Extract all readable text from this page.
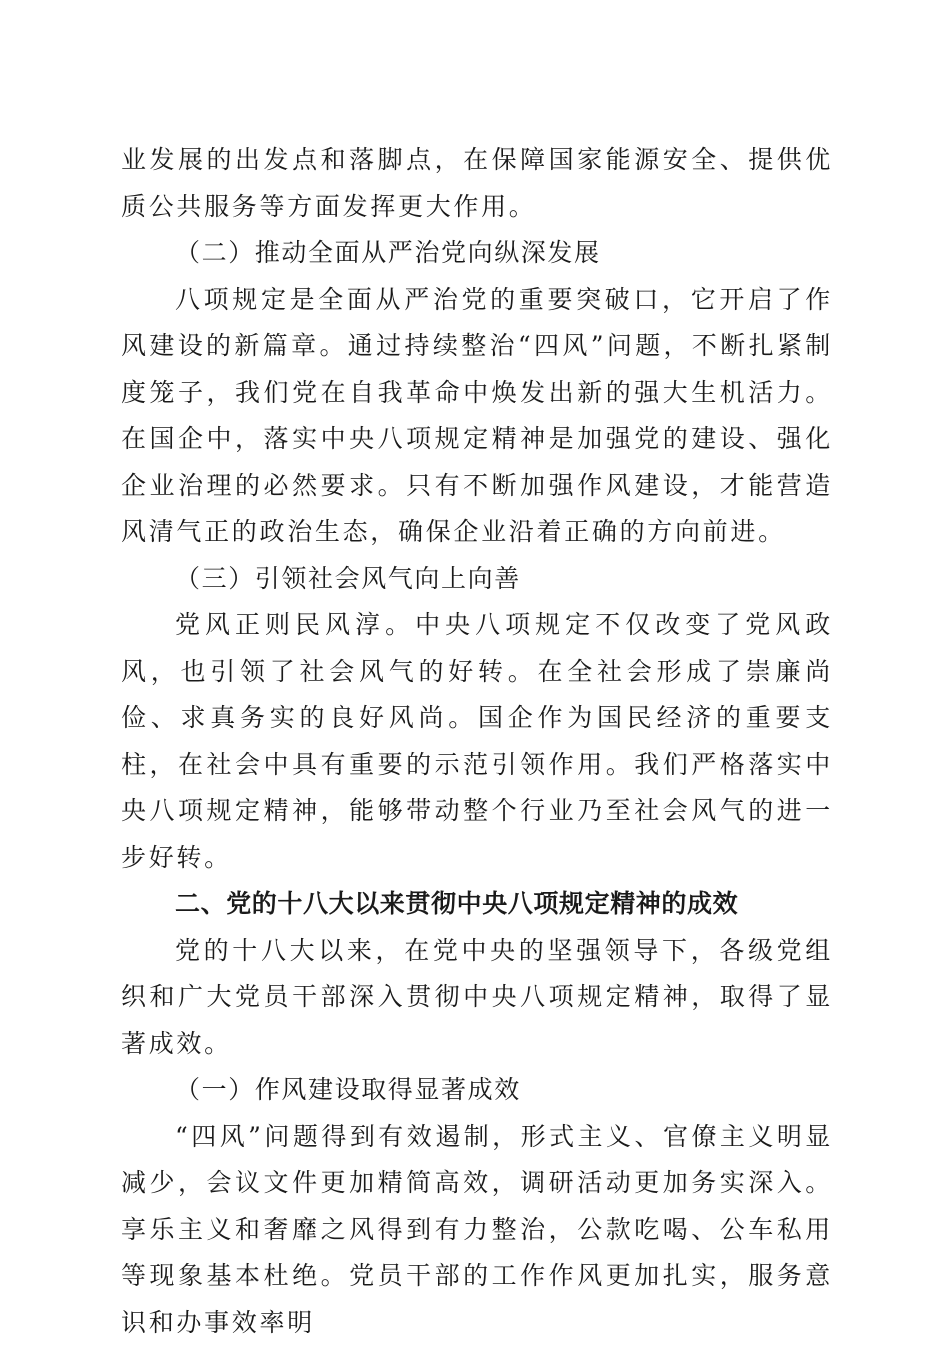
业发展的出发点和落脚点，在保障国家能源安全、提供优质公共服务等方面发挥更大作用。

（二）推动全面从严治党向纵深发展

八项规定是全面从严治党的重要突破口，它开启了作风建设的新篇章。通过持续整治“四风”问题，不断扎紧制度笼子，我们党在自我革命中焕发出新的强大生机活力。在国企中，落实中央八项规定精神是加强党的建设、强化企业治理的必然要求。只有不断加强作风建设，才能营造风清气正的政治生态，确保企业沿着正确的方向前进。

（三）引领社会风气向上向善

党风正则民风淳。中央八项规定不仅改变了党风政风，也引领了社会风气的好转。在全社会形成了崇廉尚俭、求真务实的良好风尚。国企作为国民经济的重要支柱，在社会中具有重要的示范引领作用。我们严格落实中央八项规定精神，能够带动整个行业乃至社会风气的进一步好转。

二、党的十八大以来贯彻中央八项规定精神的成效

党的十八大以来，在党中央的坚强领导下，各级党组织和广大党员干部深入贯彻中央八项规定精神，取得了显著成效。

（一）作风建设取得显著成效

“四风”问题得到有效遏制，形式主义、官僚主义明显减少，会议文件更加精简高效，调研活动更加务实深入。享乐主义和奢靡之风得到有力整治，公款吃喝、公车私用等现象基本杜绝。党员干部的工作作风更加扎实，服务意识和办事效率明
